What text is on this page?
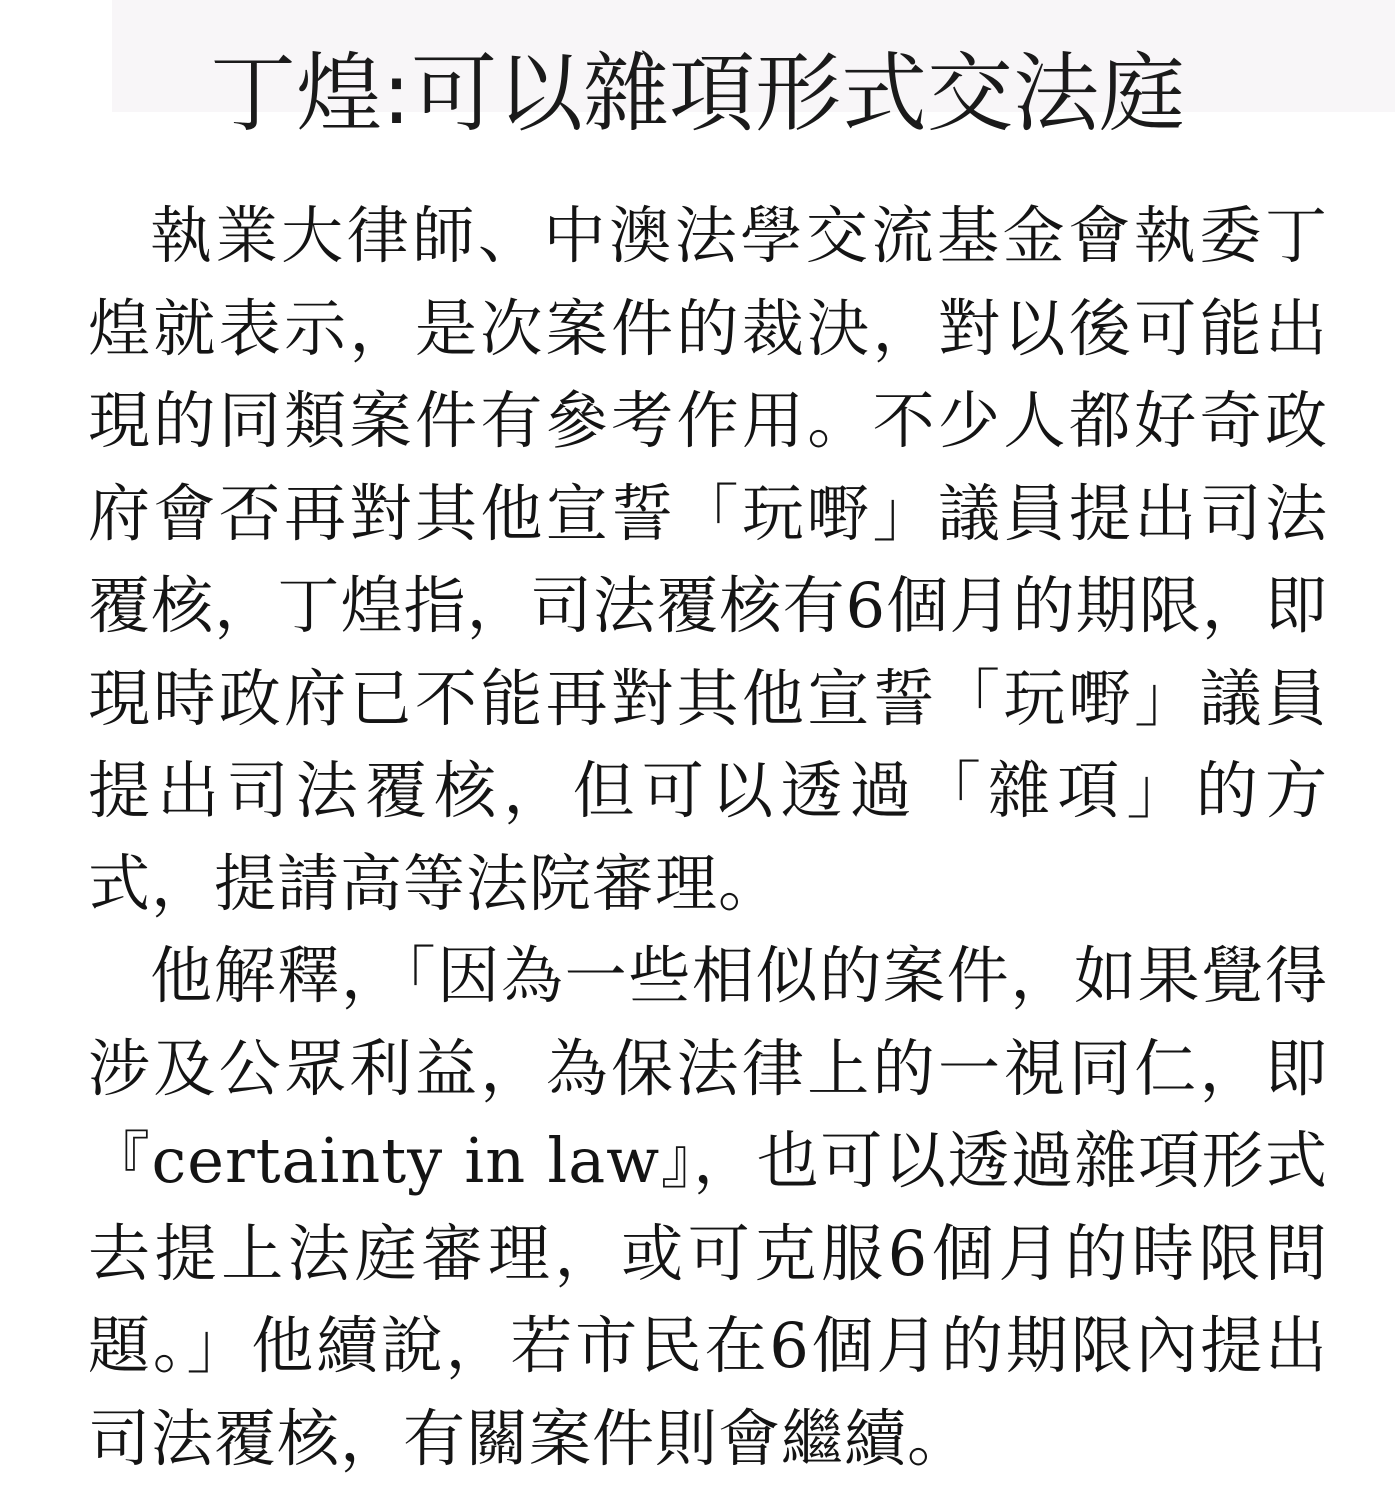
丁煌:可以雜項形式交法庭

執業大律師、中澳法學交流基金會執委丁煌就表示，是次案件的裁決，對以後可能出現的同類案件有參考作用。不少人都好奇政府會否再對其他宣誓「玩嘢」議員提出司法覆核，丁煌指，司法覆核有6個月的期限，即現時政府已不能再對其他宣誓「玩嘢」議員提出司法覆核，但可以透過「雜項」的方式，提請高等法院審理。

他解釋，「因為一些相似的案件，如果覺得涉及公眾利益，為保法律上的一視同仁，即『certainty in law』，也可以透過雜項形式去提上法庭審理，或可克服6個月的時限問題。」他續說，若市民在6個月的期限內提出司法覆核，有關案件則會繼續。
